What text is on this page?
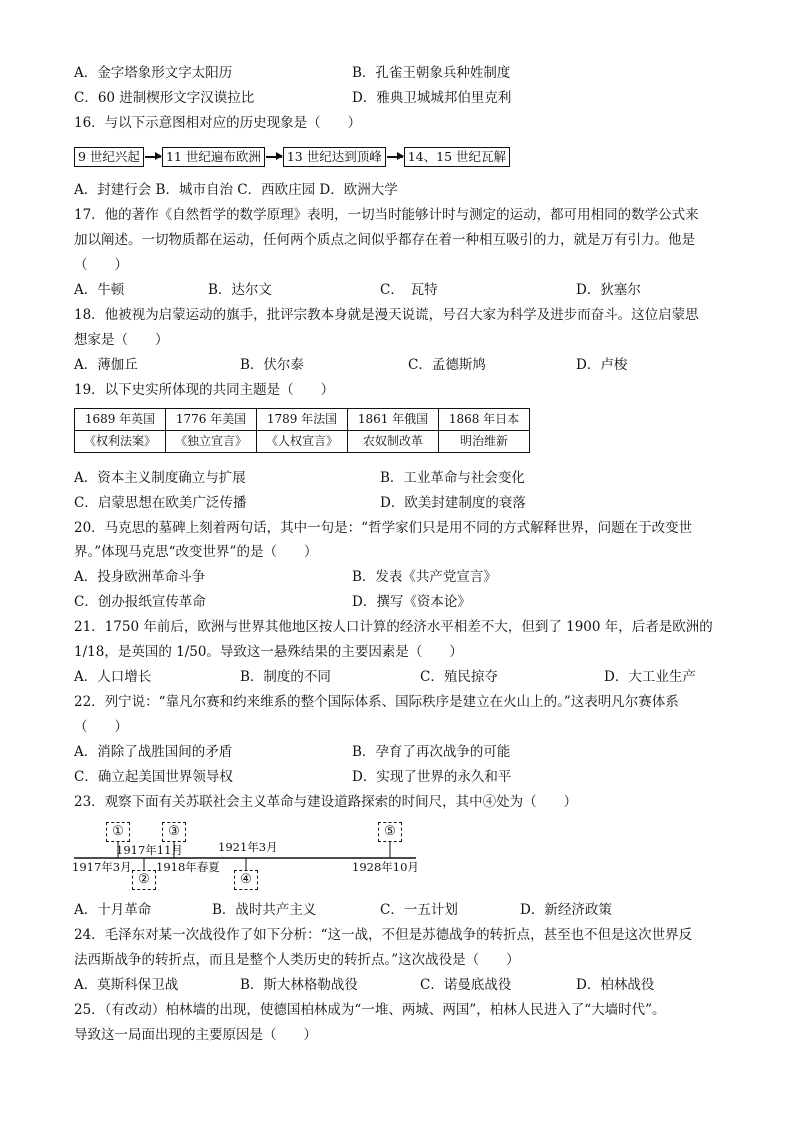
A．金字塔象形文字太阳历	B．孔雀王朝象兵种姓制度
C．60 进制楔形文字汉谟拉比	D．雅典卫城城邦伯里克利
16．与以下示意图相对应的历史现象是（　　）
9 世纪兴起	11 世纪遍布欧洲	13 世纪达到顶峰	14、15 世纪瓦解
A．封建行会 B．城市自治 C．西欧庄园 D．欧洲大学
17．他的著作《自然哲学的数学原理》表明，一切当时能够计时与测定的运动，都可用相同的数学公式来
加以阐述。一切物质都在运动，任何两个质点之间似乎都存在着一种相互吸引的力，就是万有引力。他是
（　　）
A．牛顿	B．达尔文	C．　瓦特	D．狄塞尔
18．他被视为启蒙运动的旗手，批评宗教本身就是漫天说谎，号召大家为科学及进步而奋斗。这位启蒙思
想家是（　　）
A．薄伽丘	B．伏尔泰	C．孟德斯鸠	D．卢梭
19．以下史实所体现的共同主题是（　　）
1689 年英国	1776 年美国	1789 年法国	1861 年俄国	1868 年日本
《权利法案》	《独立宣言》	《人权宣言》	农奴制改革	明治维新
A．资本主义制度确立与扩展	B．工业革命与社会变化
C．启蒙思想在欧美广泛传播	D．欧美封建制度的衰落
20．马克思的墓碑上刻着两句话，其中一句是：“哲学家们只是用不同的方式解释世界，问题在于改变世
界。”体现马克思“改变世界”的是（　　）
A．投身欧洲革命斗争	B．发表《共产党宣言》
C．创办报纸宣传革命	D．撰写《资本论》
21．1750 年前后，欧洲与世界其他地区按人口计算的经济水平相差不大，但到了 1900 年，后者是欧洲的
1/18，是英国的 1/50。导致这一悬殊结果的主要因素是（　　）
A．人口增长	B．制度的不同	C．殖民掠夺	D．大工业生产
22．列宁说：“靠凡尔赛和约来维系的整个国际体系、国际秩序是建立在火山上的。”这表明凡尔赛体系
（　　）
A．消除了战胜国间的矛盾	B．孕育了再次战争的可能
C．确立起美国世界领导权	D．实现了世界的永久和平
23．观察下面有关苏联社会主义革命与建设道路探索的时间尺，其中④处为（　　）
①
②
③
④
⑤
1917年3月
1917年11月
1918年春夏
1921年3月
1928年10月
A．十月革命	B．战时共产主义	C．一五计划	D．新经济政策
24．毛泽东对某一次战役作了如下分析：“这一战，不但是苏德战争的转折点，甚至也不但是这次世界反
法西斯战争的转折点，而且是整个人类历史的转折点。”这次战役是（　　）
A．莫斯科保卫战	B．斯大林格勒战役	C．诺曼底战役	D．柏林战役
25．（有改动）柏林墙的出现，使德国柏林成为“一堆、两城、两国”，柏林人民进入了“大墙时代”。
导致这一局面出现的主要原因是（　　）
